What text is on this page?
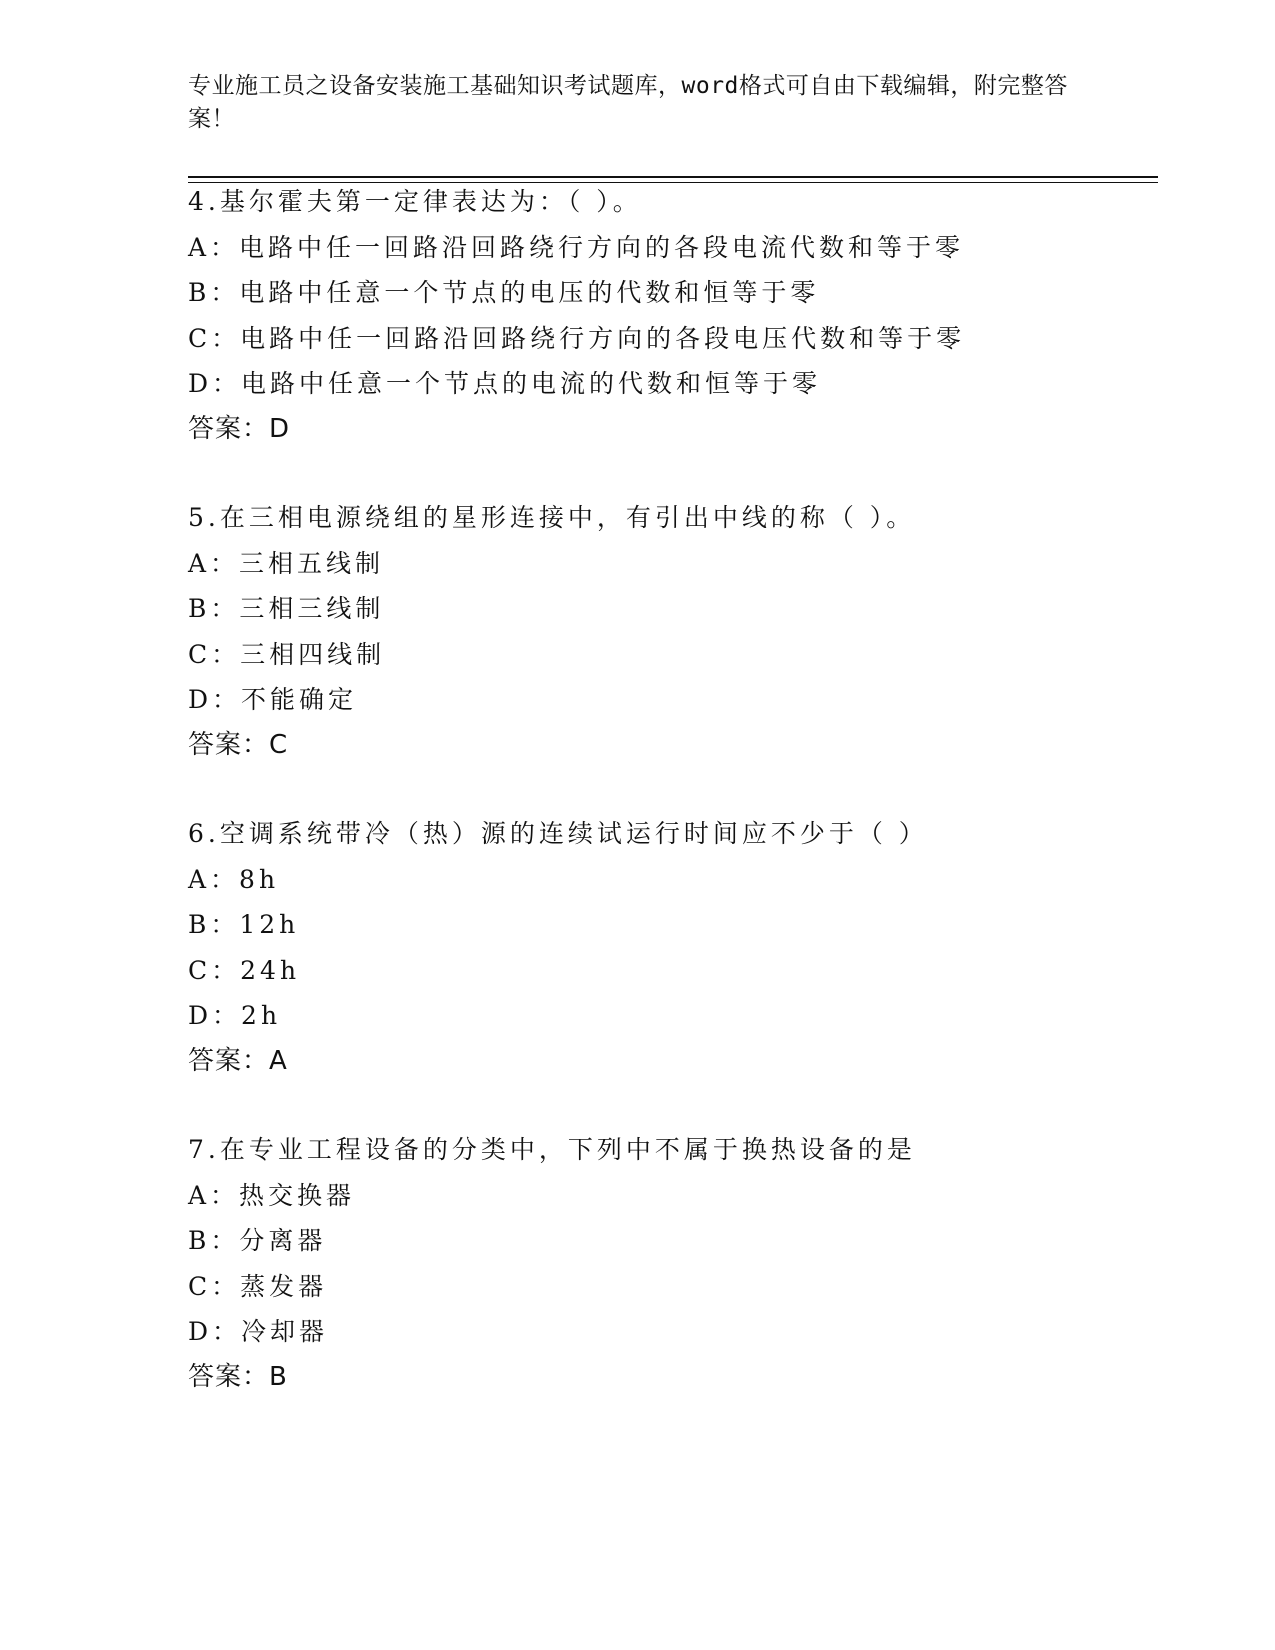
专业施工员之设备安装施工基础知识考试题库，word格式可自由下载编辑，附完整答案！
4.基尔霍夫第一定律表达为：（ ）。
A：电路中任一回路沿回路绕行方向的各段电流代数和等于零
B：电路中任意一个节点的电压的代数和恒等于零
C：电路中任一回路沿回路绕行方向的各段电压代数和等于零
D：电路中任意一个节点的电流的代数和恒等于零
答案：D
5.在三相电源绕组的星形连接中，有引出中线的称（ ）。
A：三相五线制
B：三相三线制
C：三相四线制
D：不能确定
答案：C
6.空调系统带冷（热）源的连续试运行时间应不少于（ ）
A：8h
B：12h
C：24h
D：2h
答案：A
7.在专业工程设备的分类中，下列中不属于换热设备的是
A：热交换器
B：分离器
C：蒸发器
D：冷却器
答案：B
